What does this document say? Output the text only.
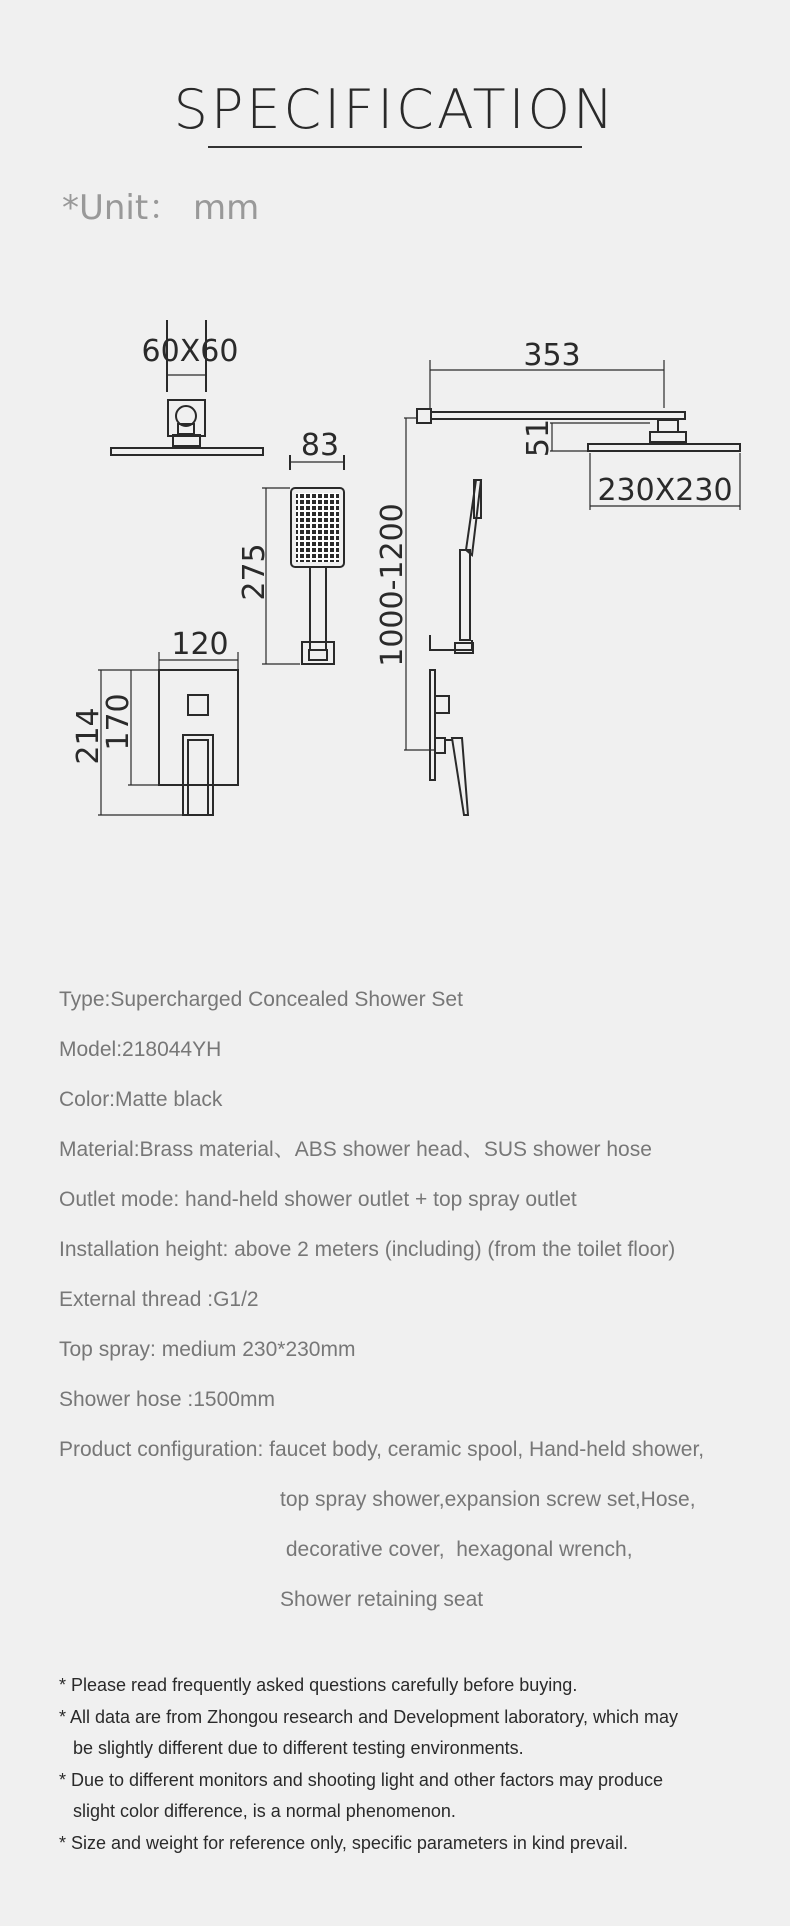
SPECIFICATION
*Unit： mm
60X60
83
275
120
214
170
353
51
230X230
1000-1200
Type:Supercharged Concealed Shower Set
Model:218044YH
Color:Matte black
Material:Brass material、ABS shower head、SUS shower hose
Outlet mode: hand-held shower outlet + top spray outlet
Installation height: above 2 meters (including) (from the toilet floor)
External thread :G1/2
Top spray: medium 230*230mm
Shower hose :1500mm
Product configuration: faucet body, ceramic spool, Hand-held shower,
top spray shower,expansion screw set,Hose,
decorative cover,  hexagonal wrench,
Shower retaining seat
* Please read frequently asked questions carefully before buying.
* All data are from Zhongou research and Development laboratory, which may
be slightly different due to different testing environments.
* Due to different monitors and shooting light and other factors may produce
slight color difference, is a normal phenomenon.
* Size and weight for reference only, specific parameters in kind prevail.
